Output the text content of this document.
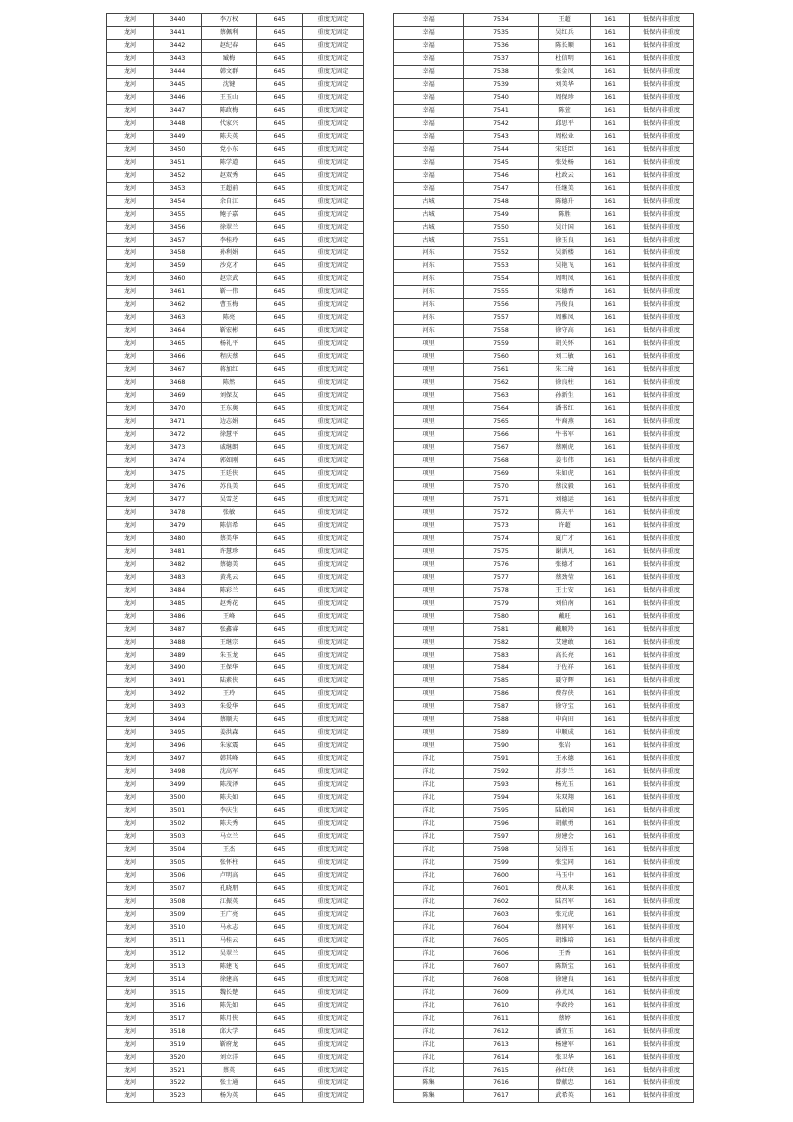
龙河	3440	李万权	645	重度无固定
龙河	3441	蔡佩利	645	重度无固定
龙河	3442	赵纪春	645	重度无固定
龙河	3443	臧梅	645	重度无固定
龙河	3444	韩文群	645	重度无固定
龙河	3445	沈键	645	重度无固定
龙河	3446	王玉山	645	重度无固定
龙河	3447	陈政梅	645	重度无固定
龙河	3448	代家兴	645	重度无固定
龙河	3449	陈夫英	645	重度无固定
龙河	3450	党小东	645	重度无固定
龙河	3451	陈学道	645	重度无固定
龙河	3452	赵双秀	645	重度无固定
龙河	3453	王超前	645	重度无固定
龙河	3454	余自江	645	重度无固定
龙河	3455	鲍子嘉	645	重度无固定
龙河	3456	徐翠兰	645	重度无固定
龙河	3457	李桂玲	645	重度无固定
龙河	3458	孙利娟	645	重度无固定
龙河	3459	沙克才	645	重度无固定
龙河	3460	赵宗武	645	重度无固定
龙河	3461	靳一伟	645	重度无固定
龙河	3462	曹玉梅	645	重度无固定
龙河	3463	陈亮	645	重度无固定
龙河	3464	靳宏彬	645	重度无固定
龙河	3465	杨礼平	645	重度无固定
龙河	3466	程庆蔡	645	重度无固定
龙河	3467	蒋加红	645	重度无固定
龙河	3468	陈然	645	重度无固定
龙河	3469	刘保友	645	重度无固定
龙河	3470	王东奥	645	重度无固定
龙河	3471	边志娟	645	重度无固定
龙河	3472	徐慧平	645	重度无固定
龙河	3473	戚继朗	645	重度无固定
龙河	3474	郭如刚	645	重度无固定
龙河	3475	王廷侠	645	重度无固定
龙河	3476	苏良美	645	重度无固定
龙河	3477	吴雪芝	645	重度无固定
龙河	3478	张敏	645	重度无固定
龙河	3479	陈信希	645	重度无固定
龙河	3480	蔡美华	645	重度无固定
龙河	3481	许慧珍	645	重度无固定
龙河	3482	蔡德美	645	重度无固定
龙河	3483	黄兆云	645	重度无固定
龙河	3484	陈彩兰	645	重度无固定
龙河	3485	赵秀花	645	重度无固定
龙河	3486	王峰	645	重度无固定
龙河	3487	张鑫睿	645	重度无固定
龙河	3488	王继宗	645	重度无固定
龙河	3489	朱玉龙	645	重度无固定
龙河	3490	王保华	645	重度无固定
龙河	3491	陆素侠	645	重度无固定
龙河	3492	王玲	645	重度无固定
龙河	3493	朱爱华	645	重度无固定
龙河	3494	蔡顺夫	645	重度无固定
龙河	3495	姜洪森	645	重度无固定
龙河	3496	朱家震	645	重度无固定
龙河	3497	韩其峰	645	重度无固定
龙河	3498	沈高军	645	重度无固定
龙河	3499	陈茂泽	645	重度无固定
龙河	3500	陈夫如	645	重度无固定
龙河	3501	李庆生	645	重度无固定
龙河	3502	陈夫秀	645	重度无固定
龙河	3503	马立兰	645	重度无固定
龙河	3504	王杰	645	重度无固定
龙河	3505	张怀柱	645	重度无固定
龙河	3506	卢明高	645	重度无固定
龙河	3507	孔晓朋	645	重度无固定
龙河	3508	江振英	645	重度无固定
龙河	3509	王广亮	645	重度无固定
龙河	3510	马永志	645	重度无固定
龙河	3511	马桂云	645	重度无固定
龙河	3512	吴翠兰	645	重度无固定
龙河	3513	陈建飞	645	重度无固定
龙河	3514	徐建高	645	重度无固定
龙河	3515	魏长楚	645	重度无固定
龙河	3516	陈先如	645	重度无固定
龙河	3517	陈月侠	645	重度无固定
龙河	3518	邱大学	645	重度无固定
龙河	3519	靳府龙	645	重度无固定
龙河	3520	刘立洋	645	重度无固定
龙河	3521	蔡英	645	重度无固定
龙河	3522	张士通	645	重度无固定
龙河	3523	杨为英	645	重度无固定
幸福	7534	王超	161	低保内非重度
幸福	7535	吴红兵	161	低保内非重度
幸福	7536	陈长顺	161	低保内非重度
幸福	7537	杜信明	161	低保内非重度
幸福	7538	张金凤	161	低保内非重度
幸福	7539	刘美华	161	低保内非重度
幸福	7540	周保珍	161	低保内非重度
幸福	7541	陈萱	161	低保内非重度
幸福	7542	邱思平	161	低保内非重度
幸福	7543	周松业	161	低保内非重度
幸福	7544	宋廷臣	161	低保内非重度
幸福	7545	张处杨	161	低保内非重度
幸福	7546	杜政云	161	低保内非重度
幸福	7547	任继美	161	低保内非重度
古城	7548	陈德升	161	低保内非重度
古城	7549	陈胜	161	低保内非重度
古城	7550	吴计国	161	低保内非重度
古城	7551	徐玉良	161	低保内非重度
河东	7552	吴新楼	161	低保内非重度
河东	7553	吴艳飞	161	低保内非重度
河东	7554	周明凤	161	低保内非重度
河东	7555	宋德香	161	低保内非重度
河东	7556	冯俊良	161	低保内非重度
河东	7557	周雅凤	161	低保内非重度
河东	7558	徐守高	161	低保内非重度
项里	7559	胡关怀	161	低保内非重度
项里	7560	刘二敏	161	低保内非重度
项里	7561	朱二琦	161	低保内非重度
项里	7562	徐良柱	161	低保内非重度
项里	7563	孙新生	161	低保内非重度
项里	7564	潘书红	161	低保内非重度
项里	7565	牛裔燕	161	低保内非重度
项里	7566	牛书军	161	低保内非重度
项里	7567	蔡刚虎	161	低保内非重度
项里	7568	姜韦伟	161	低保内非重度
项里	7569	朱如虎	161	低保内非重度
项里	7570	蔡汶毅	161	低保内非重度
项里	7571	刘德运	161	低保内非重度
项里	7572	陈夫平	161	低保内非重度
项里	7573	许超	161	低保内非重度
项里	7574	夏广才	161	低保内非重度
项里	7575	谢洪凡	161	低保内非重度
项里	7576	张德才	161	低保内非重度
项里	7577	蔡劲莹	161	低保内非重度
项里	7578	王士安	161	低保内非重度
项里	7579	刘伯南	161	低保内非重度
项里	7580	戴旺	161	低保内非重度
项里	7581	戴顺羚	161	低保内非重度
项里	7582	艾建敢	161	低保内非重度
项里	7583	高长亮	161	低保内非重度
项里	7584	于佐祥	161	低保内非重度
项里	7585	聂守辉	161	低保内非重度
项里	7586	费存侠	161	低保内非重度
项里	7587	徐守宝	161	低保内非重度
项里	7588	申向田	161	低保内非重度
项里	7589	申顺成	161	低保内非重度
项里	7590	张岩	161	低保内非重度
洋北	7591	王永德	161	低保内非重度
洋北	7592	苏步兰	161	低保内非重度
洋北	7593	杨光玉	161	低保内非重度
洋北	7594	朱双翔	161	低保内非重度
洋北	7595	陆敢国	161	低保内非重度
洋北	7596	胡献勇	161	低保内非重度
洋北	7597	房建会	161	低保内非重度
洋北	7598	吴得玉	161	低保内非重度
洋北	7599	张宝同	161	低保内非重度
洋北	7600	马玉中	161	低保内非重度
洋北	7601	费从来	161	低保内非重度
洋北	7602	陆召军	161	低保内非重度
洋北	7603	张元虎	161	低保内非重度
洋北	7604	蔡同军	161	低保内非重度
洋北	7605	胡维培	161	低保内非重度
洋北	7606	王香	161	低保内非重度
洋北	7607	陈斯宝	161	低保内非重度
洋北	7608	徐建良	161	低保内非重度
洋北	7609	孙尤凤	161	低保内非重度
洋北	7610	李政玲	161	低保内非重度
洋北	7611	蔡婷	161	低保内非重度
洋北	7612	潘宜玉	161	低保内非重度
洋北	7613	杨建军	161	低保内非重度
洋北	7614	张卫华	161	低保内非重度
洋北	7615	孙红侠	161	低保内非重度
陈集	7616	曾献忠	161	低保内非重度
陈集	7617	武希英	161	低保内非重度
